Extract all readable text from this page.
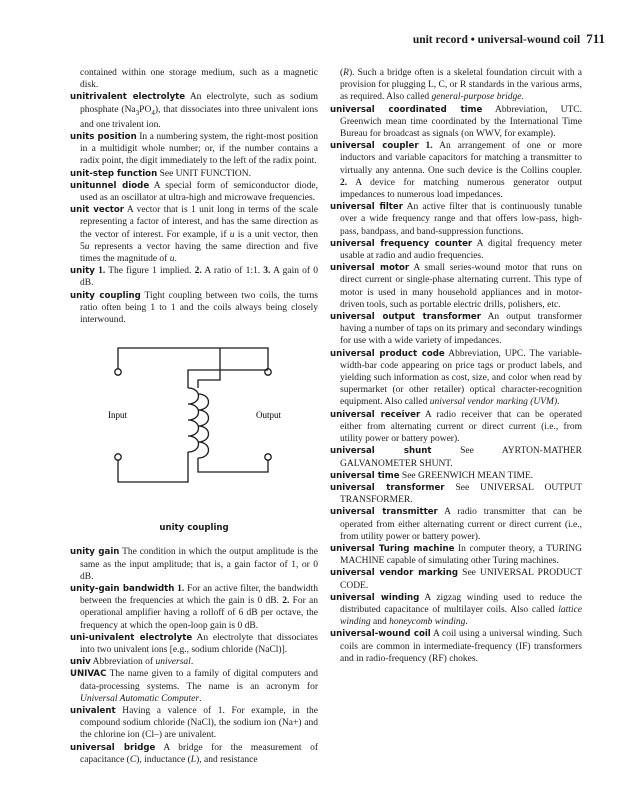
unit record • universal-wound coil 711

contained within one storage medium, such as a magnetic disk.

unitrivalent electrolyte An electrolyte, such as sodium phosphate $(Na_3PO_4)$, that dissociates into three univalent ions and one trivalent ion.

units position In a numbering system, the right-most position in a multidigit whole number; or, if the number contains a radix point, the digit immediately to the left of the radix point.

unit-step function See UNIT FUNCTION.

unitunnel diode A special form of semiconductor diode, used as an oscillator at ultra-high and microwave frequencies.

unit vector A vector that is 1 unit long in terms of the scale representing a factor of interest, and has the same direction as the vector of interest. For example, if u is a unit vector, then 5u represents a vector having the same direction and five times the magnitude of u.

unity 1. The figure 1 implied. 2. A ratio of 1:1. 3. A gain of 0 dB.

unity coupling Tight coupling between two coils, the turns ratio often being 1 to 1 and the coils always being closely interwound.

Input	Output
unity coupling

unity gain The condition in which the output amplitude is the same as the input amplitude; that is, a gain factor of 1, or 0 dB.

unity-gain bandwidth 1. For an active filter, the bandwidth between the frequencies at which the gain is 0 dB. 2. For an operational amplifier having a rolloff of 6 dB per octave, the frequency at which the open-loop gain is 0 dB.

uni-univalent electrolyte An electrolyte that dissociates into two univalent ions [e.g., sodium chloride (NaCl)].

univ Abbreviation of universal.

UNIVAC The name given to a family of digital computers and data-processing systems. The name is an acronym for Universal Automatic Computer.

univalent Having a valence of 1. For example, in the compound sodium chloride (NaCl), the sodium ion (Na+) and the chlorine ion (Cl–) are univalent.

universal bridge A bridge for the measurement of capacitance (C), inductance (L), and resistance

(R). Such a bridge often is a skeletal foundation circuit with a provision for plugging L, C, or R standards in the various arms, as required. Also called general-purpose bridge.

universal coordinated time Abbreviation, UTC. Greenwich mean time coordinated by the International Time Bureau for broadcast as signals (on WWV, for example).

universal coupler 1. An arrangement of one or more inductors and variable capacitors for matching a transmitter to virtually any antenna. One such device is the Collins coupler. 2. A device for matching numerous generator output impedances to numerous load impedances.

universal filter An active filter that is continuously tunable over a wide frequency range and that offers low-pass, high-pass, bandpass, and band-suppression functions.

universal frequency counter A digital frequency meter usable at radio and audio frequencies.

universal motor A small series-wound motor that runs on direct current or single-phase alternating current. This type of motor is used in many household appliances and in motor-driven tools, such as portable electric drills, polishers, etc.

universal output transformer An output transformer having a number of taps on its primary and secondary windings for use with a wide variety of impedances.

universal product code Abbreviation, UPC. The variable-width-bar code appearing on price tags or product labels, and yielding such information as cost, size, and color when read by supermarket (or other retailer) optical character-recognition equipment. Also called universal vendor marking (UVM).

universal receiver A radio receiver that can be operated either from alternating current or direct current (i.e., from utility power or battery power).

universal shunt	See AYRTON-MATHER GALVANOMETER SHUNT.

universal time See GREENWICH MEAN TIME.

universal transformer See UNIVERSAL OUTPUT TRANSFORMER.

universal transmitter A radio transmitter that can be operated from either alternating current or direct current (i.e., from utility power or battery power).

universal Turing machine In computer theory, a TURING MACHINE capable of simulating other Turing machines.

universal vendor marking See UNIVERSAL PRODUCT CODE.

universal winding A zigzag winding used to reduce the distributed capacitance of multilayer coils. Also called lattice winding and honeycomb winding.

universal-wound coil A coil using a universal winding. Such coils are common in intermediate-frequency (IF) transformers and in radio-frequency (RF) chokes.
